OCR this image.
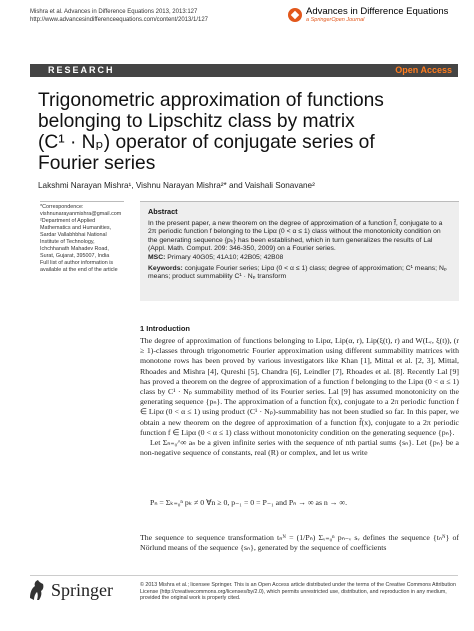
Mishra et al. Advances in Difference Equations 2013, 2013:127
http://www.advancesindifferenceequations.com/content/2013/1/127
Advances in Difference Equations
a SpringerOpen Journal
RESEARCH	Open Access
Trigonometric approximation of functions
belonging to Lipschitz class by matrix
(C¹ · Nₚ) operator of conjugate series of
Fourier series
Lakshmi Narayan Mishra¹, Vishnu Narayan Mishra²* and Vaishali Sonavane²

*Correspondence:

vishnunarayanmishra@gmail.com

²Department of Applied Mathematics and Humanities, Sardar Vallabhbhai National Institute of Technology, Ichchhanath Mahadev Road, Surat, Gujarat, 395007, India

Full list of author information is available at the end of the article

Abstract
In the present paper, a new theorem on the degree of approximation of a function f̃, conjugate to a 2π periodic function f belonging to the Lipα (0 < α ≤ 1) class without the monotonicity condition on the generating sequence {pₖ} has been established, which in turn generalizes the results of Lal (Appl. Math. Comput. 209: 346-350, 2009) on a Fourier series.
MSC: Primary 40G05; 41A10; 42B05; 42B08
Keywords: conjugate Fourier series; Lipα (0 < α ≤ 1) class; degree of approximation; C¹ means; Nₚ means; product summability C¹ · Nₚ transform
1 Introduction

The degree of approximation of functions belonging to Lipα, Lip(α, r), Lip(ξ(t), r) and W(Lᵣ, ξ(t)), (r ≥ 1)-classes through trigonometric Fourier approximation using different summability matrices with monotone rows has been proved by various investigators like Khan [1], Mittal et al. [2, 3], Mittal, Rhoades and Mishra [4], Qureshi [5], Chandra [6], Leindler [7], Rhoades et al. [8]. Recently Lal [9] has proved a theorem on the degree of approximation of a function f belonging to the Lipα (0 < α ≤ 1) class by C¹ · Nₚ summability method of its Fourier series. Lal [9] has assumed monotonicity on the generating sequence {pₙ}. The approximation of a function f̃(x), conjugate to a 2π periodic function f ∈ Lipα (0 < α ≤ 1) using product (C¹ · Nₚ)-summability has not been studied so far. In this paper, we obtain a new theorem on the degree of approximation of a function f̃(x), conjugate to a 2π periodic function f ∈ Lipα (0 < α ≤ 1) class without monotonicity condition on the generating sequence {pₙ}.

Let Σₙ₌₀^∞ aₙ be a given infinite series with the sequence of nth partial sums {sₙ}. Let {pₙ} be a non-negative sequence of constants, real (R) or complex, and let us write

Pₙ = Σₖ₌₀ⁿ pₖ ≠ 0 ∀n ≥ 0, p₋₁ = 0 = P₋₁ and Pₙ → ∞ as n → ∞.

The sequence to sequence transformation tₙᴺ = (1/Pₙ) Σᵥ₌₀ⁿ pₙ₋ᵥ sᵥ defines the sequence {tₙᴺ} of Nörlund means of the sequence {sₙ}, generated by the sequence of coefficients

Springer	© 2013 Mishra et al.; licensee Springer. This is an Open Access article distributed under the terms of the Creative Commons Attribution License (http://creativecommons.org/licenses/by/2.0), which permits unrestricted use, distribution, and reproduction in any medium, provided the original work is properly cited.
